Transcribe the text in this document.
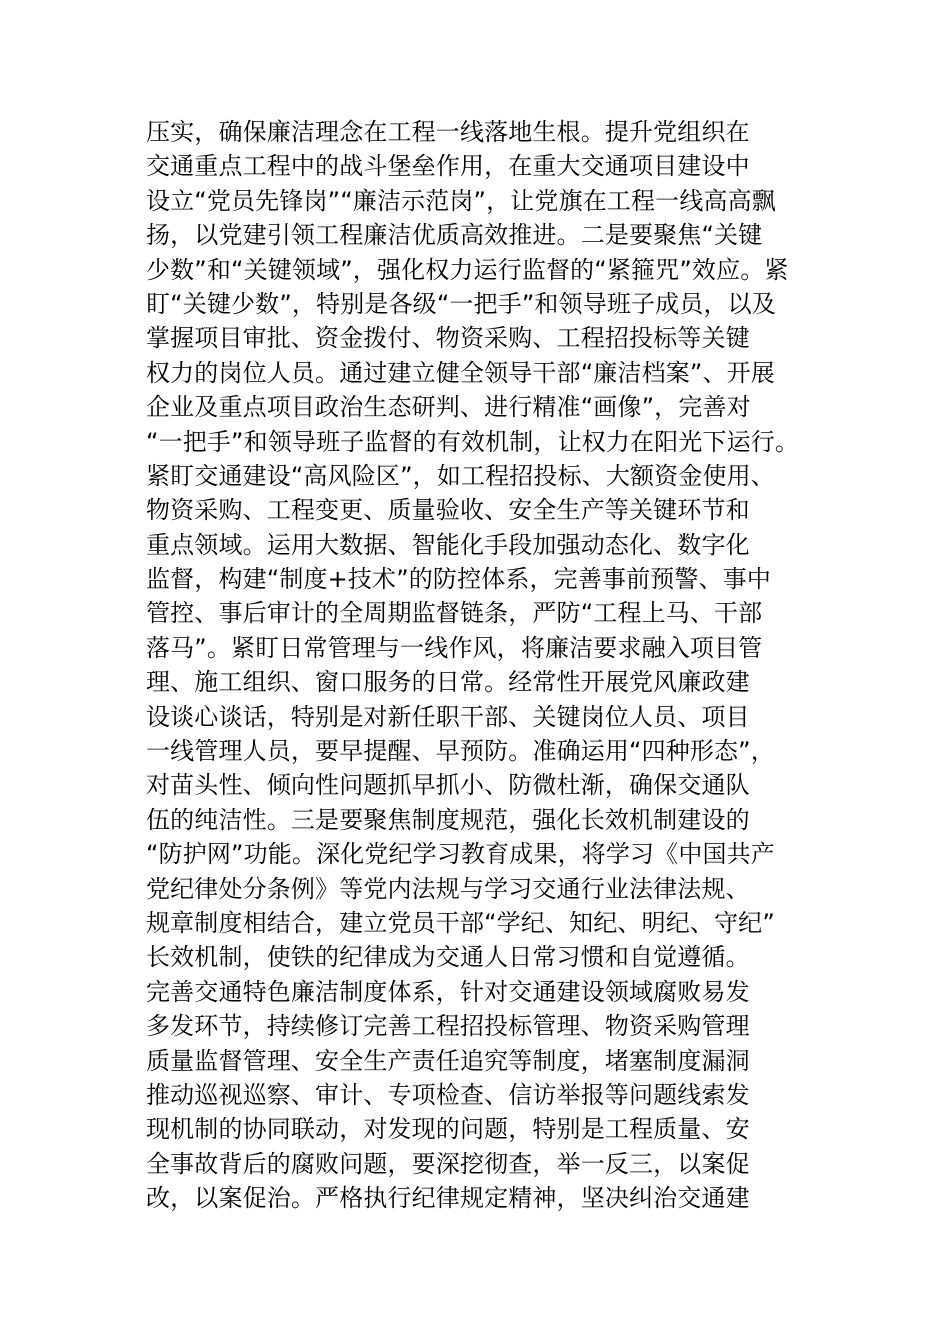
压实，确保廉洁理念在工程一线落地生根。提升党组织在
交通重点工程中的战斗堡垒作用，在重大交通项目建设中
设立“党员先锋岗”“廉洁示范岗”，让党旗在工程一线高高飘
扬，以党建引领工程廉洁优质高效推进。二是要聚焦“关键
少数”和“关键领域”，强化权力运行监督的“紧箍咒”效应。紧
盯“关键少数”，特别是各级“一把手”和领导班子成员，以及
掌握项目审批、资金拨付、物资采购、工程招投标等关键
权力的岗位人员。通过建立健全领导干部“廉洁档案”、开展
企业及重点项目政治生态研判、进行精准“画像”，完善对
“一把手”和领导班子监督的有效机制，让权力在阳光下运行。
紧盯交通建设“高风险区”，如工程招投标、大额资金使用、
物资采购、工程变更、质量验收、安全生产等关键环节和
重点领域。运用大数据、智能化手段加强动态化、数字化
监督，构建“制度+技术”的防控体系，完善事前预警、事中
管控、事后审计的全周期监督链条，严防“工程上马、干部
落马”。紧盯日常管理与一线作风，将廉洁要求融入项目管
理、施工组织、窗口服务的日常。经常性开展党风廉政建
设谈心谈话，特别是对新任职干部、关键岗位人员、项目
一线管理人员，要早提醒、早预防。准确运用“四种形态”，
对苗头性、倾向性问题抓早抓小、防微杜渐，确保交通队
伍的纯洁性。三是要聚焦制度规范，强化长效机制建设的
“防护网”功能。深化党纪学习教育成果，将学习《中国共产
党纪律处分条例》等党内法规与学习交通行业法律法规、
规章制度相结合，建立党员干部“学纪、知纪、明纪、守纪”
长效机制，使铁的纪律成为交通人日常习惯和自觉遵循。
完善交通特色廉洁制度体系，针对交通建设领域腐败易发
多发环节，持续修订完善工程招投标管理、物资采购管理
质量监督管理、安全生产责任追究等制度，堵塞制度漏洞
推动巡视巡察、审计、专项检查、信访举报等问题线索发
现机制的协同联动，对发现的问题，特别是工程质量、安
全事故背后的腐败问题，要深挖彻查，举一反三，以案促
改，以案促治。严格执行纪律规定精神，坚决纠治交通建
